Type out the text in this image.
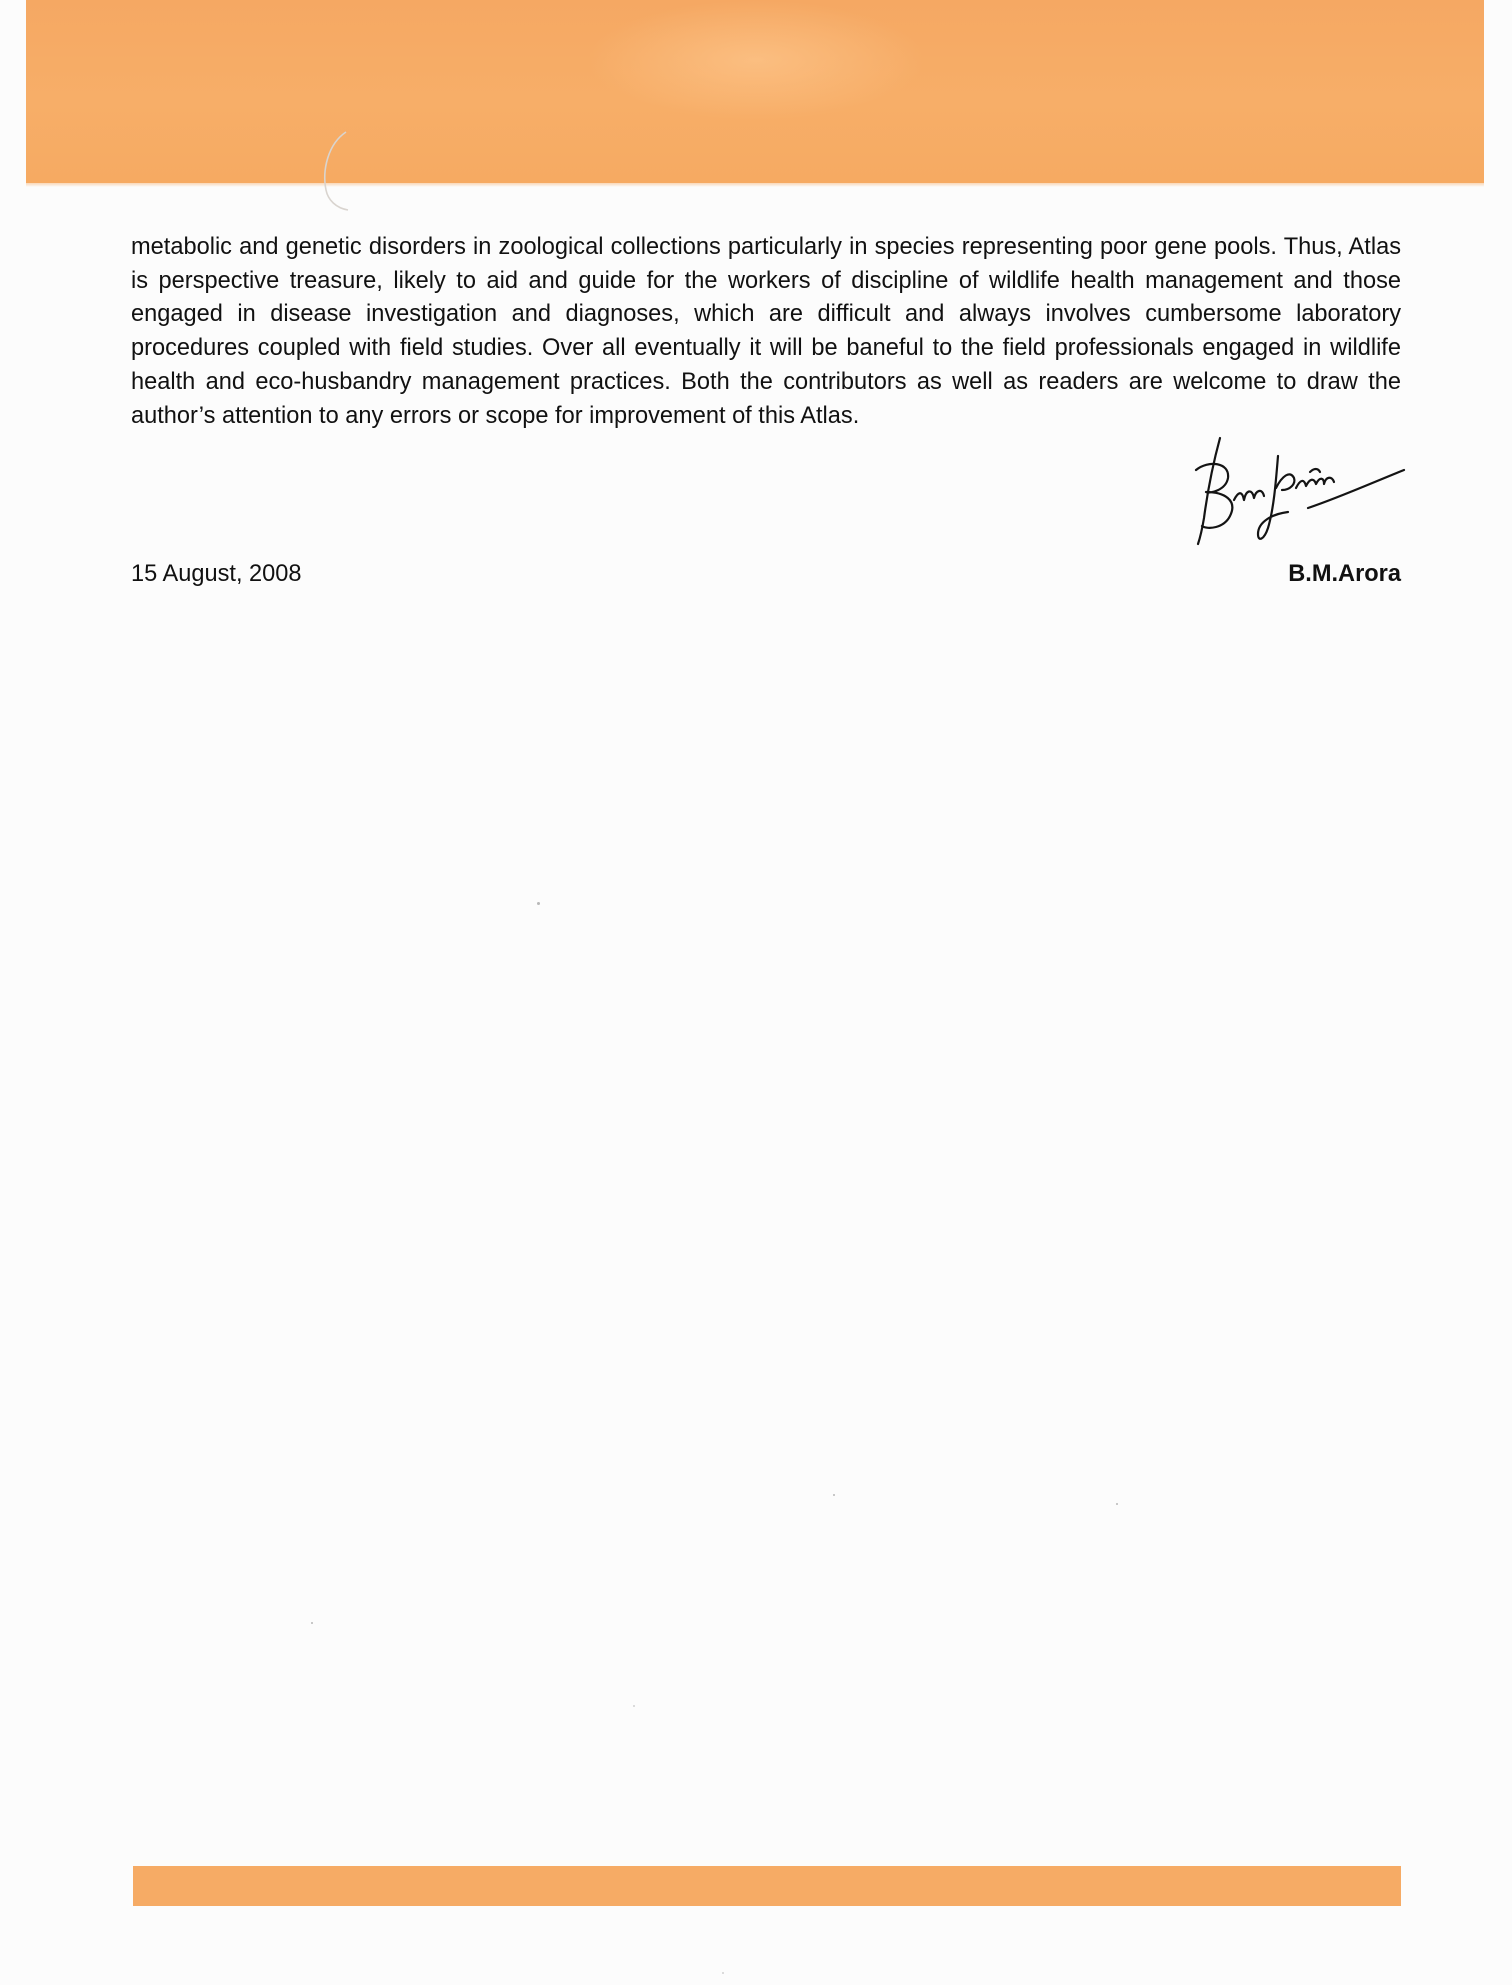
metabolic and genetic disorders in zoological collections particularly in species representing poor gene pools. Thus, Atlas is perspective treasure, likely to aid and guide for the workers of discipline of wildlife health management and those engaged in disease investigation and diagnoses, which are difficult and always involves cumbersome laboratory procedures coupled with field studies. Over all eventually it will be baneful to the field professionals engaged in wildlife health and eco-husbandry management practices. Both the contributors as well as readers are welcome to draw the author’s attention to any errors or scope for improvement of this Atlas.

15 August, 2008	B.M.Arora
